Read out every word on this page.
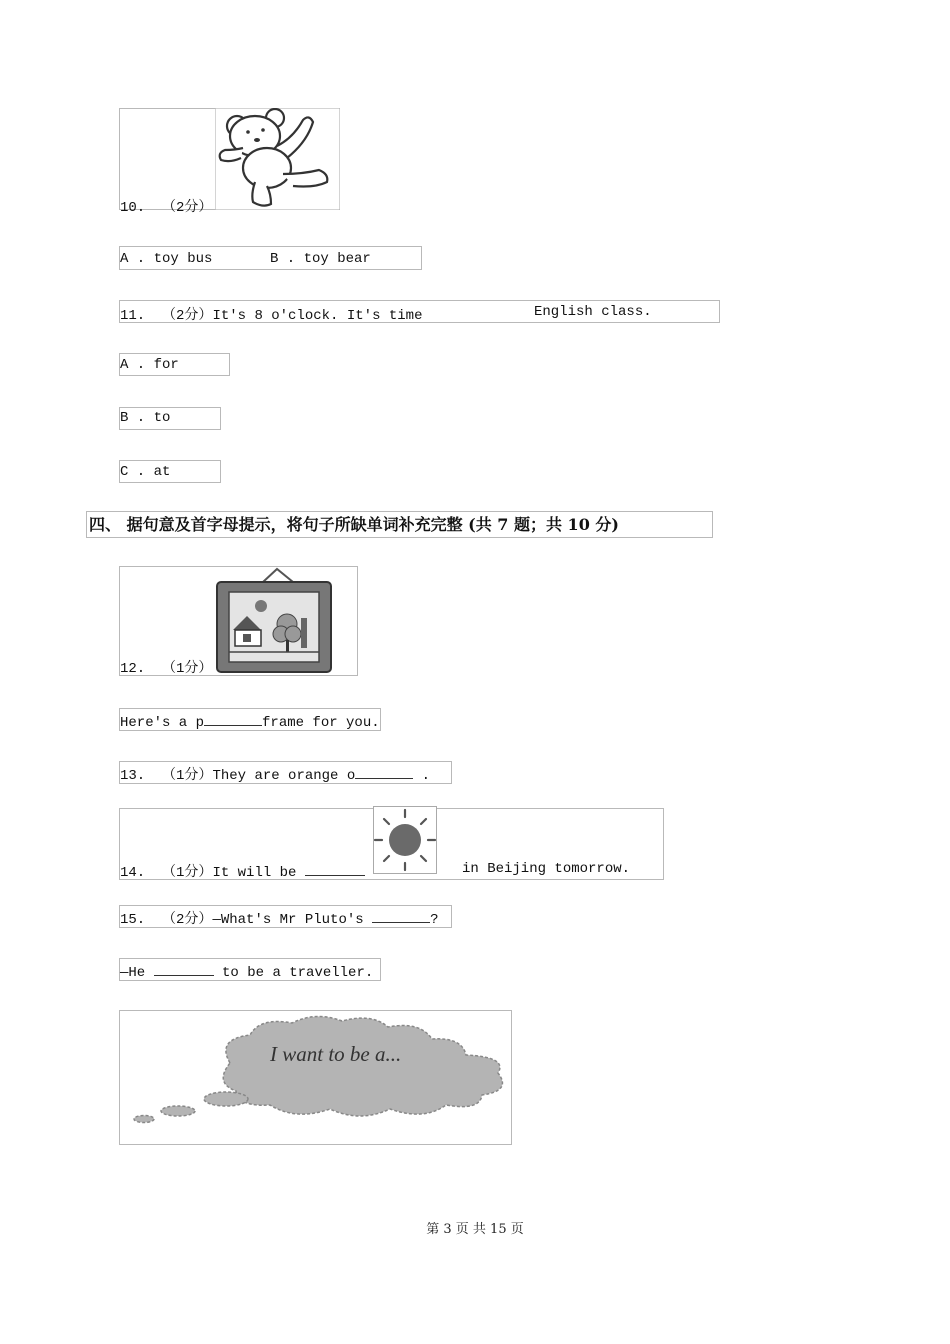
10. （2分）
A . toy bus	B . toy bear
11. （2分）It's 8 o'clock. It's time	English class.
A . for
B . to
C . at
四、 据句意及首字母提示，将句子所缺单词补充完整 (共 7 题；共 10 分)
12. （1分）
Here's a p	frame for you.
13. （1分）They are orange o	.
14. （1分）It will be	in Beijing tomorrow.
15. （2分）—What's Mr Pluto's	?
—He	to be a traveller.
I want to be a...
第 3 页 共 15 页
